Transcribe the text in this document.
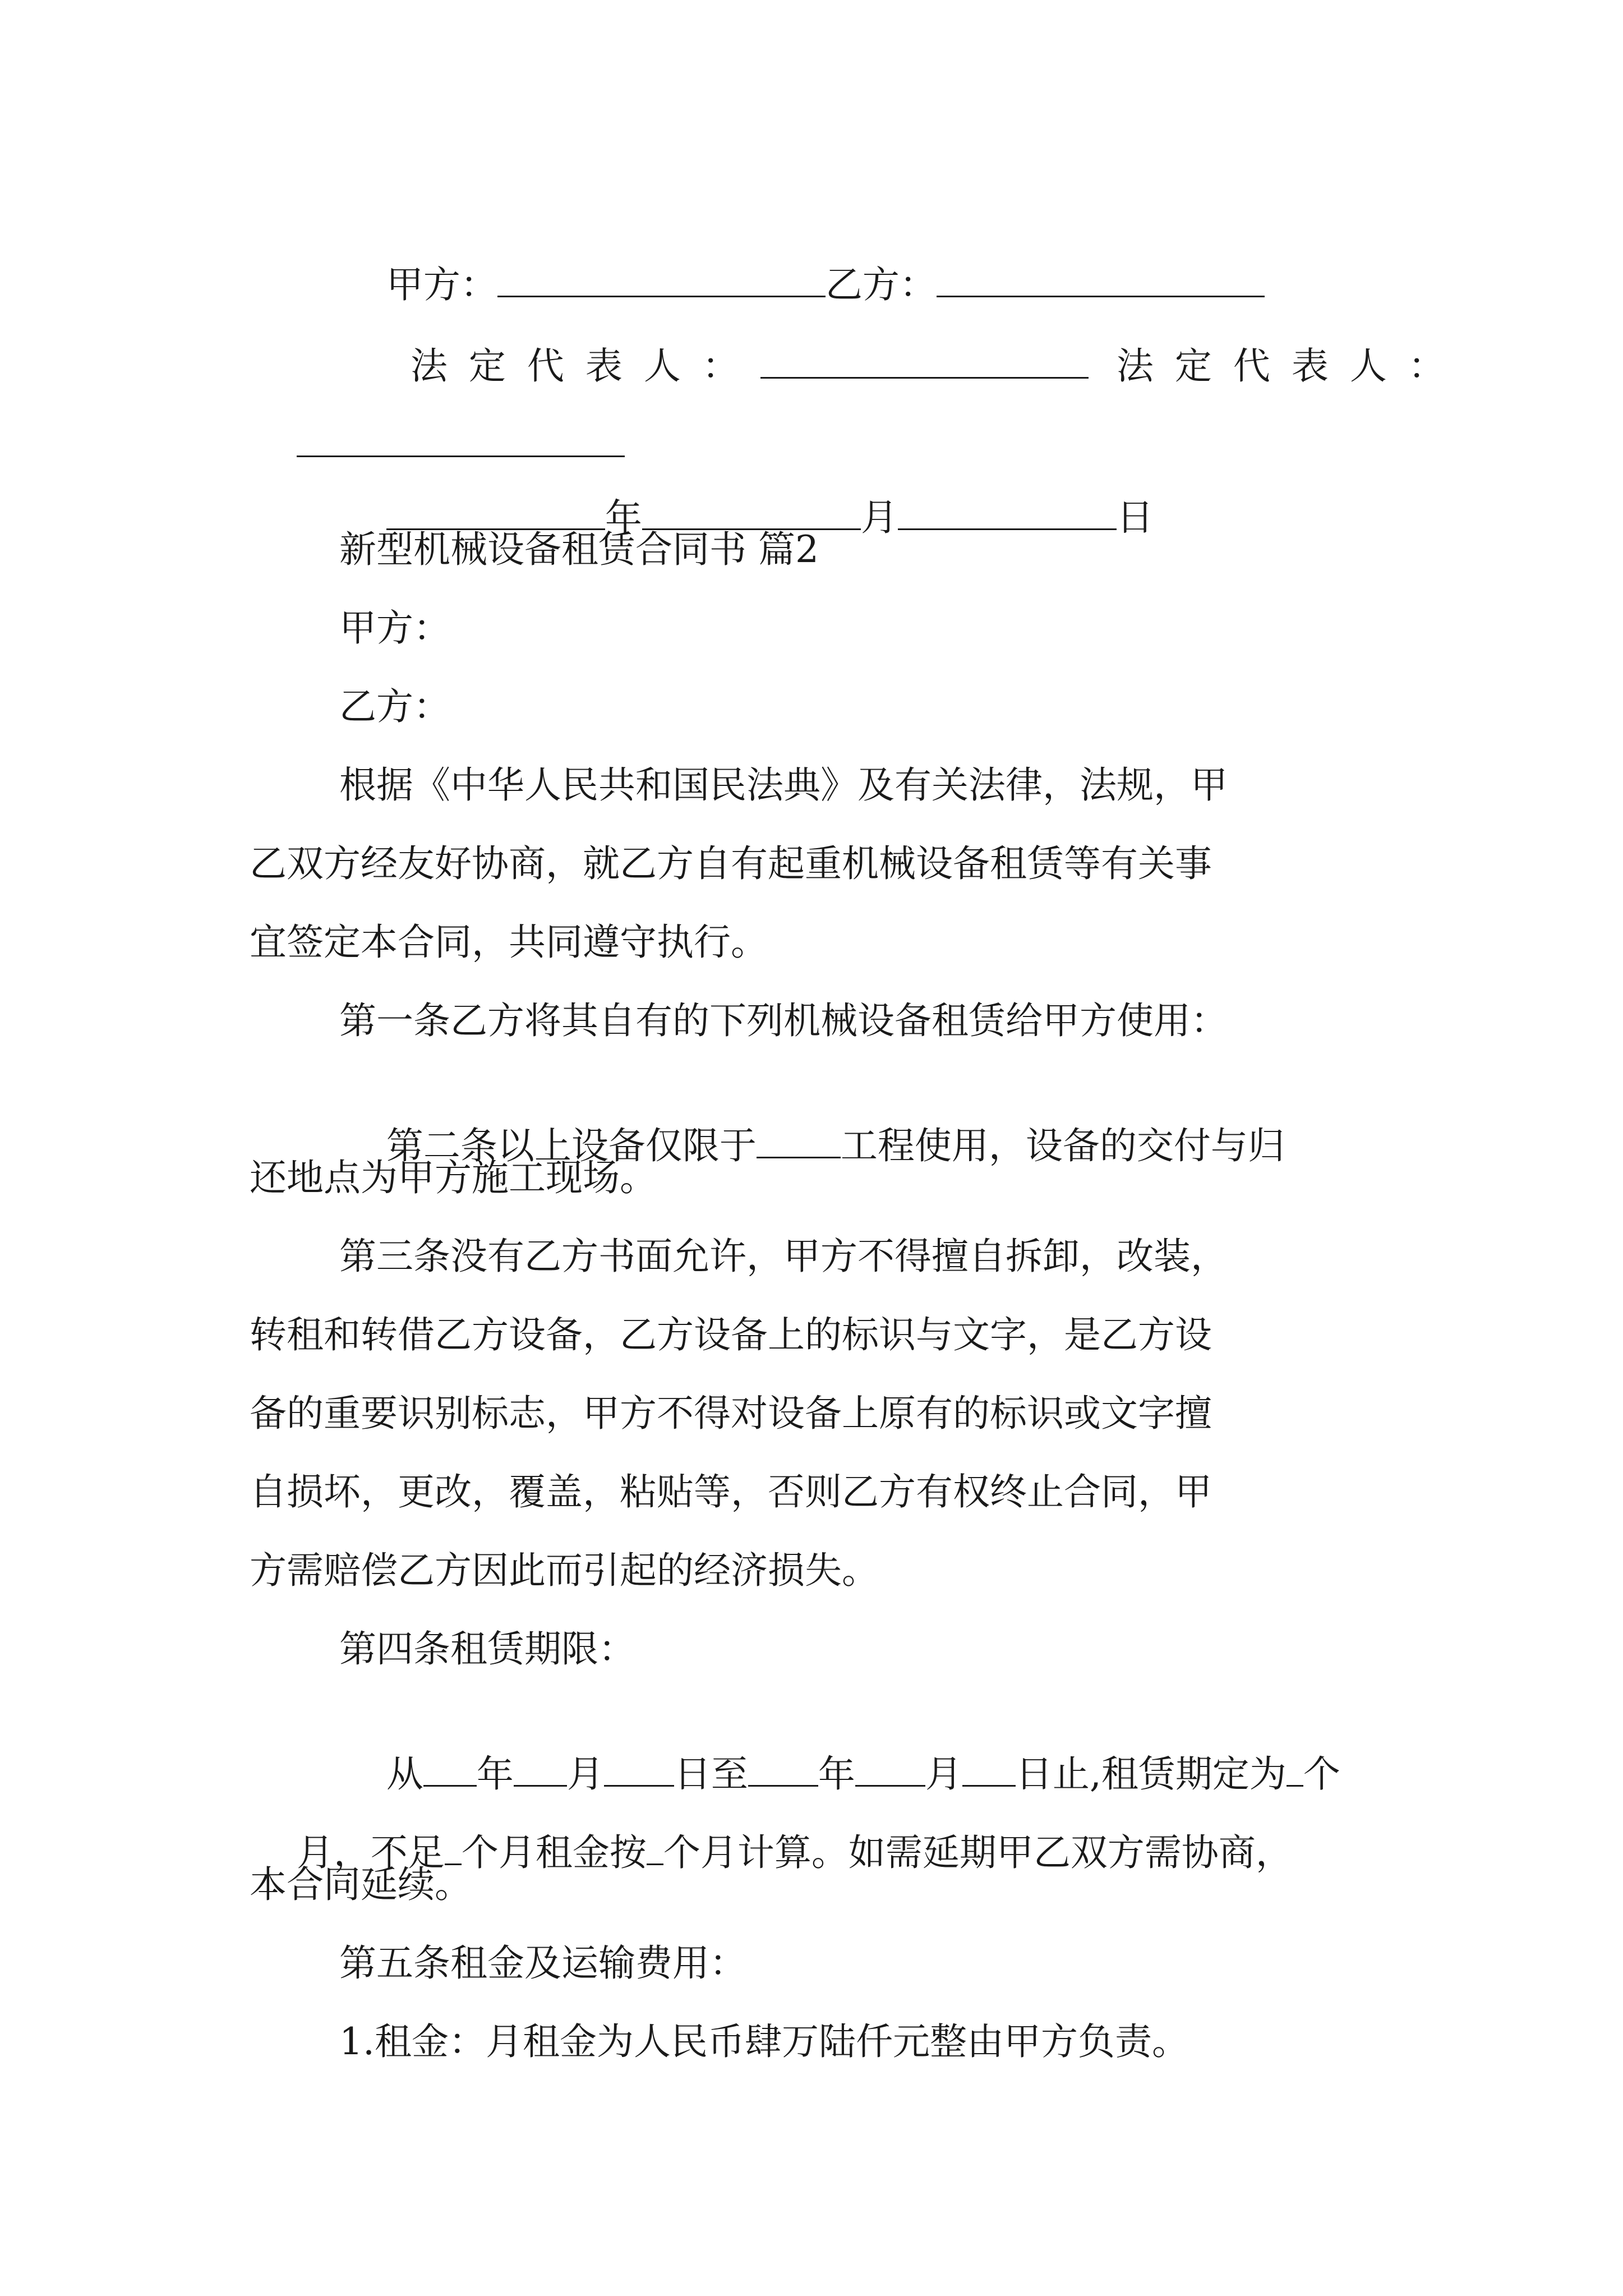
甲方：	乙方：

法定代表人：	法定代表人：

年	月	日

新型机械设备租赁合同书 篇2
甲方：
乙方：
根据《中华人民共和国民法典》及有关法律，法规，甲
乙双方经友好协商，就乙方自有起重机械设备租赁等有关事
宜签定本合同，共同遵守执行。
第一条乙方将其自有的下列机械设备租赁给甲方使用：

第二条以上设备仅限于 工程使用，设备的交付与归

还地点为甲方施工现场。
第三条没有乙方书面允许，甲方不得擅自拆卸，改装，
转租和转借乙方设备，乙方设备上的标识与文字，是乙方设
备的重要识别标志，甲方不得对设备上原有的标识或文字擅
自损坏，更改，覆盖，粘贴等，否则乙方有权终止合同，甲
方需赔偿乙方因此而引起的经济损失。
第四条租赁期限：

从 年 月 日至 年 月 日止,租赁期定为 个

月，不足 个月租金按 个月计算。如需延期甲乙双方需协商，

本合同延续。
第五条租金及运输费用：
1.租金：月租金为人民币肆万陆仟元整由甲方负责。
